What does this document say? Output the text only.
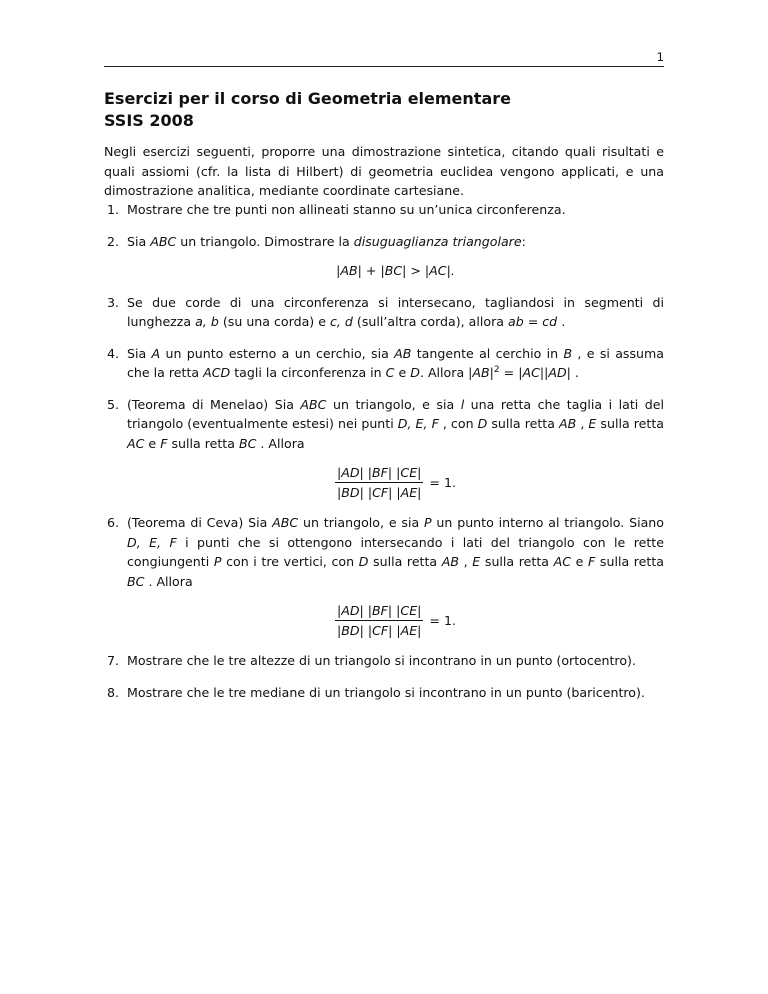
1
Esercizi per il corso di Geometria elementare
SSIS 2008

Negli esercizi seguenti, proporre una dimostrazione sintetica, citando quali risultati e quali assiomi (cfr. la lista di Hilbert) di geometria euclidea vengono applicati, e una dimostrazione analitica, mediante coordinate cartesiane.

1. Mostrare che tre punti non allineati stanno su un’unica circonferenza.
2. Sia ABC un triangolo. Dimostrare la disuguaglianza triangolare:
|AB| + |BC| > |AC|.
3. Se due corde di una circonferenza si intersecano, tagliandosi in segmenti di lunghezza a, b (su una corda) e c, d (sull’altra corda), allora ab = cd .
4. Sia A un punto esterno a un cerchio, sia AB tangente al cerchio in B , e si assuma che la retta ACD tagli la circonferenza in C e D. Allora $|AB|^2 = |AC||AD|$ .
5. (Teorema di Menelao) Sia ABC un triangolo, e sia l una retta che taglia i lati del triangolo (eventualmente estesi) nei punti D, E, F , con D sulla retta AB , E sulla retta AC e F sulla retta BC . Allora
$\frac{|AD| |BF| |CE|}{|BD| |CF| |AE|} = 1$.
6. (Teorema di Ceva) Sia ABC un triangolo, e sia P un punto interno al triangolo. Siano D, E, F i punti che si ottengono intersecando i lati del triangolo con le rette congiungenti P con i tre vertici, con D sulla retta AB , E sulla retta AC e F sulla retta BC . Allora
$\frac{|AD| |BF| |CE|}{|BD| |CF| |AE|} = 1$.
7. Mostrare che le tre altezze di un triangolo si incontrano in un punto (ortocentro).
8. Mostrare che le tre mediane di un triangolo si incontrano in un punto (baricentro).
